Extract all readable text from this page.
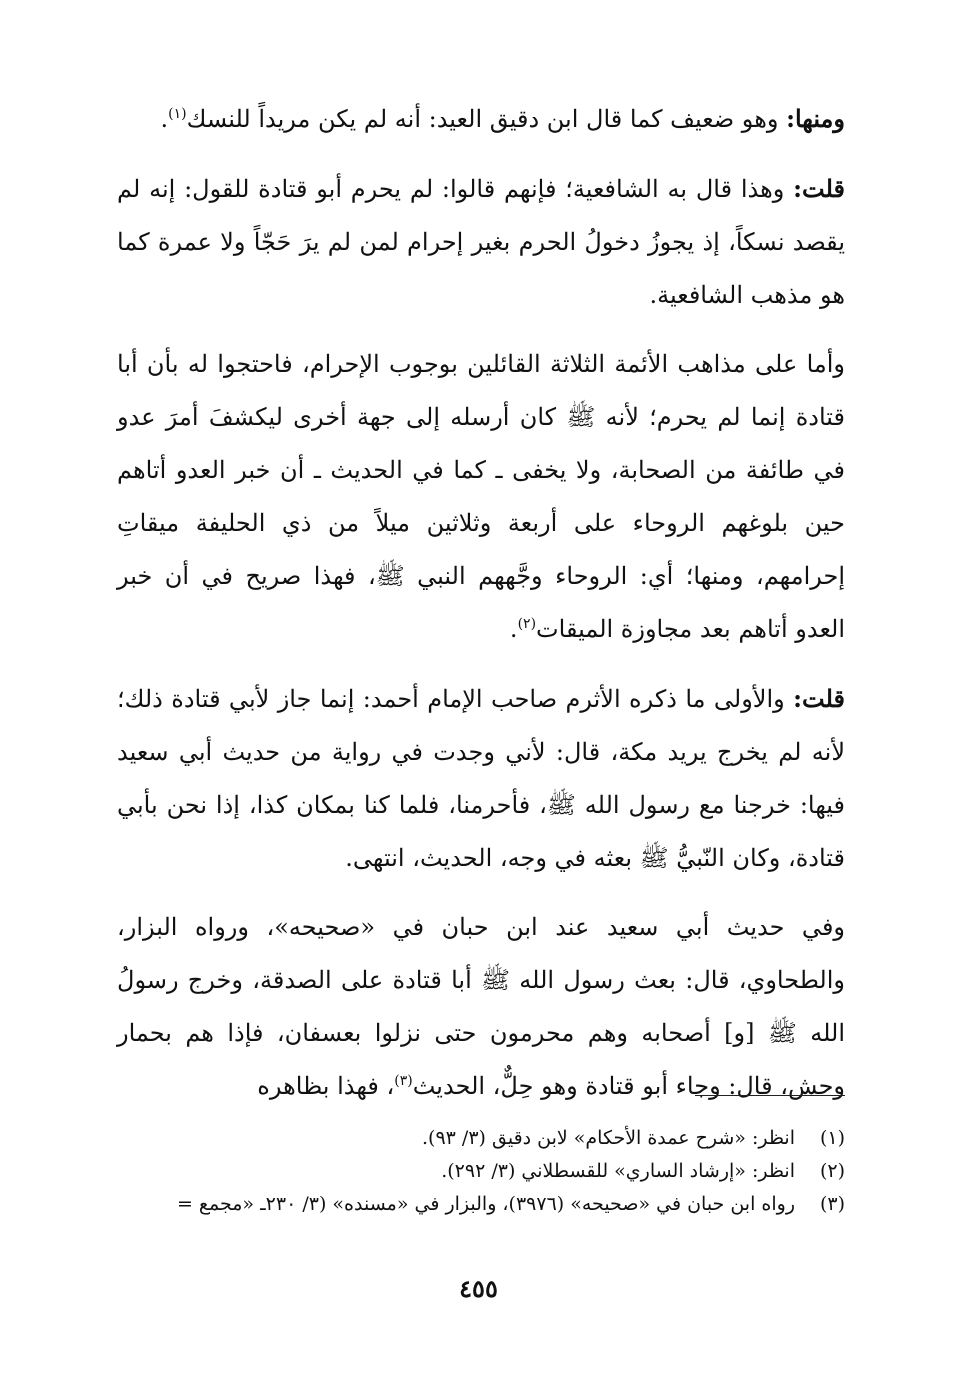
ومنها: وهو ضعيف كما قال ابن دقيق العيد: أنه لم يكن مريداً للنسك$^{(١)}$.

قلت: وهذا قال به الشافعية؛ فإنهم قالوا: لم يحرم أبو قتادة للقول: إنه لم يقصد نسكاً، إذ يجوزُ دخولُ الحرم بغير إحرام لمن لم يرَ حَجّاً ولا عمرة كما هو مذهب الشافعية.

وأما على مذاهب الأئمة الثلاثة القائلين بوجوب الإحرام، فاحتجوا له بأن أبا قتادة إنما لم يحرم؛ لأنه ﷺ كان أرسله إلى جهة أخرى ليكشفَ أمرَ عدو في طائفة من الصحابة، ولا يخفى ـ كما في الحديث ـ أن خبر العدو أتاهم حين بلوغهم الروحاء على أربعة وثلاثين ميلاً من ذي الحليفة ميقاتِ إحرامهم، ومنها؛ أي: الروحاء وجَّههم النبي ﷺ، فهذا صريح في أن خبر العدو أتاهم بعد مجاوزة الميقات$^{(٢)}$.

قلت: والأولى ما ذكره الأثرم صاحب الإمام أحمد: إنما جاز لأبي قتادة ذلك؛ لأنه لم يخرج يريد مكة، قال: لأني وجدت في رواية من حديث أبي سعيد فيها: خرجنا مع رسول الله ﷺ، فأحرمنا، فلما كنا بمكان كذا، إذا نحن بأبي قتادة، وكان النّبيُّ ﷺ بعثه في وجه، الحديث، انتهى.

وفي حديث أبي سعيد عند ابن حبان في «صحيحه»، ورواه البزار، والطحاوي، قال: بعث رسول الله ﷺ أبا قتادة على الصدقة، وخرج رسولُ الله ﷺ [و] أصحابه وهم محرمون حتى نزلوا بعسفان، فإذا هم بحمار وحش، قال: وجاء أبو قتادة وهو حِلٌّ، الحديث$^{(٣)}$، فهذا بظاهره

(١)
انظر: «شرح عمدة الأحكام» لابن دقيق (٣/ ٩٣).
(٢)
انظر: «إرشاد الساري» للقسطلاني (٣/ ٢٩٢).
(٣)
رواه ابن حبان في «صحيحه» (٣٩٧٦)، والبزار في «مسنده» (٣/ ٢٣٠ـ «مجمع =
٤٥٥
